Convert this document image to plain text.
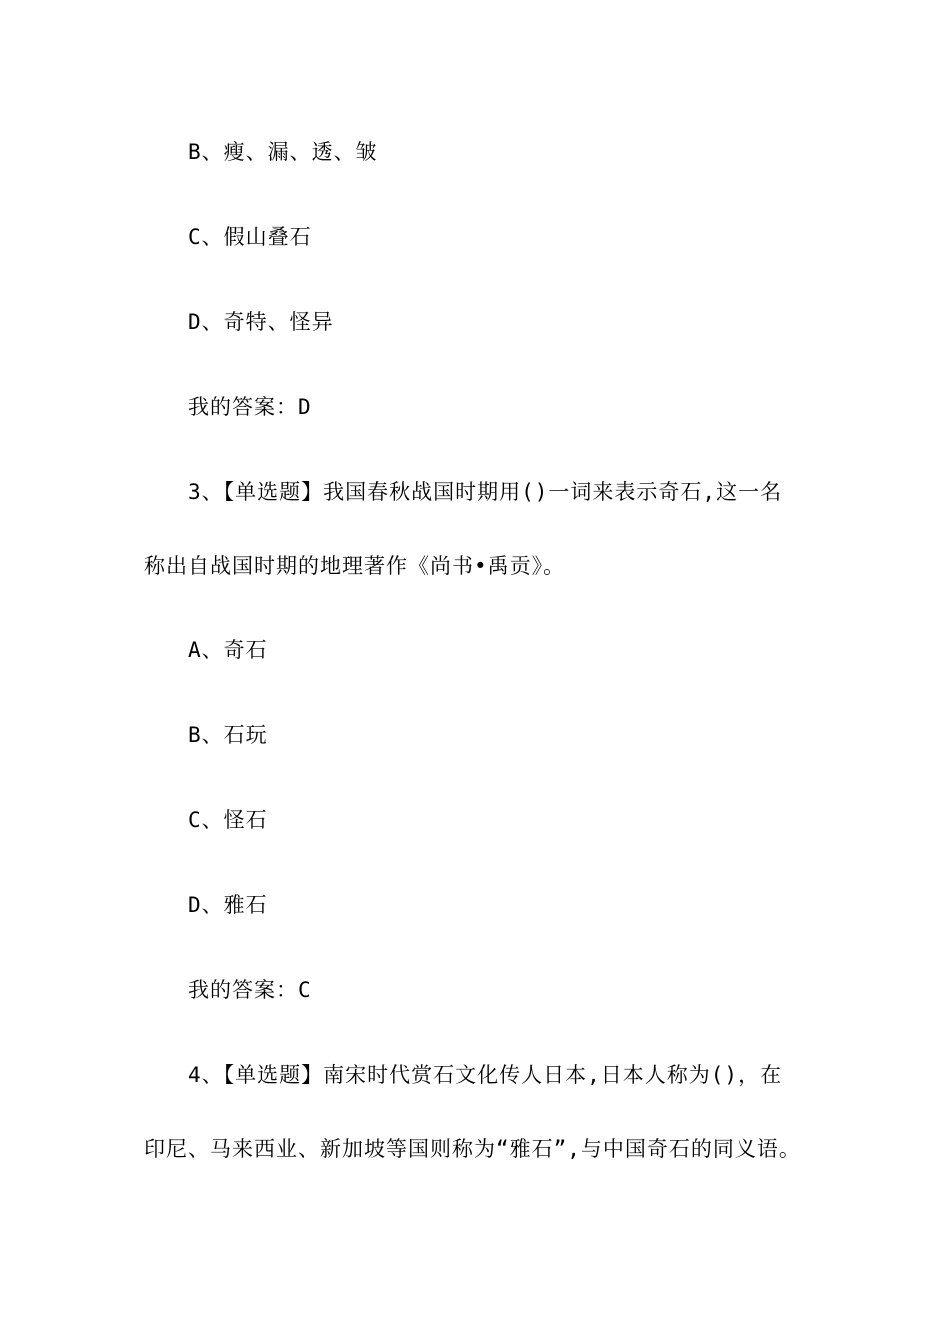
B、瘦、漏、透、皱
C、假山叠石
D、奇特、怪异
我的答案：D
3、【单选题】我国春秋战国时期用()一词来表示奇石,这一名
称出自战国时期的地理著作《尚书•禹贡》。
A、奇石
B、石玩
C、怪石
D、雅石
我的答案：C
4、【单选题】南宋时代赏石文化传人日本,日本人称为()，在
印尼、马来西业、新加坡等国则称为“雅石”,与中国奇石的同义语。
